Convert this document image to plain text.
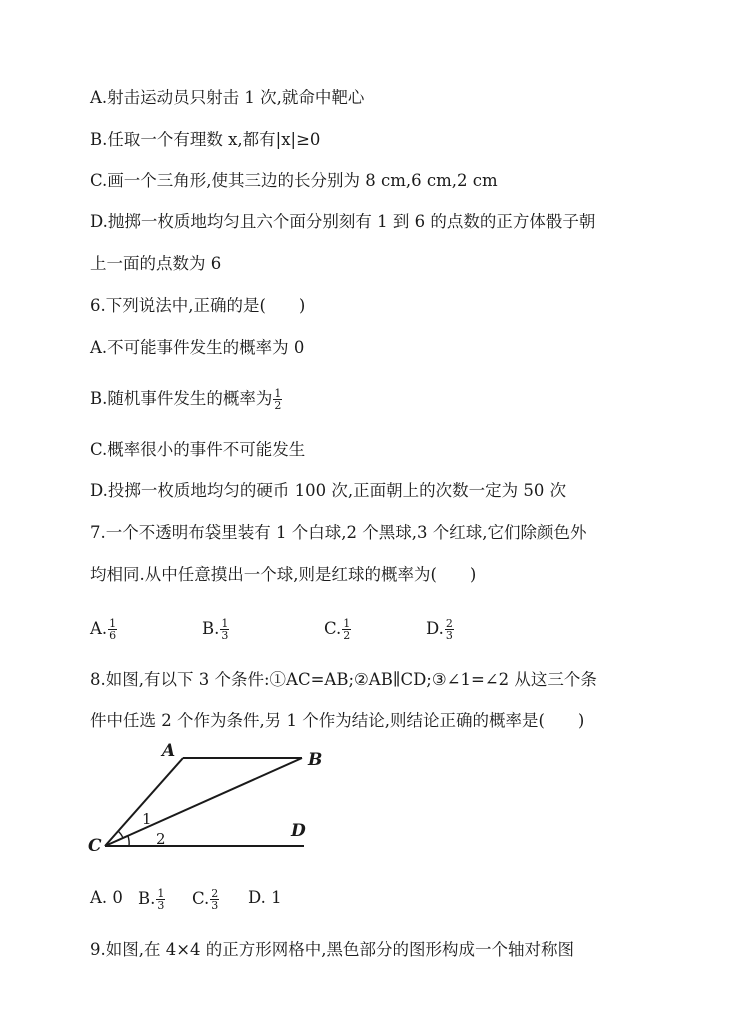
A.射击运动员只射击 1 次,就命中靶心
B.任取一个有理数 x,都有|x|≥0
C.画一个三角形,使其三边的长分别为 8 cm,6 cm,2 cm
D.抛掷一枚质地均匀且六个面分别刻有 1 到 6 的点数的正方体骰子朝
上一面的点数为 6
6.下列说法中,正确的是(　　)
A.不可能事件发生的概率为 0
B.随机事件发生的概率为 $\frac{1}{2}$
C.概率很小的事件不可能发生
D.投掷一枚质地均匀的硬币 100 次,正面朝上的次数一定为 50 次
7.一个不透明布袋里装有 1 个白球,2 个黑球,3 个红球,它们除颜色外
均相同.从中任意摸出一个球,则是红球的概率为(　　)
A. $\frac{1}{6}$	B. $\frac{1}{3}$	C. $\frac{1}{2}$	D. $\frac{2}{3}$
8.如图,有以下 3 个条件:①AC=AB;②AB∥CD;③∠1=∠2 从这三个条
件中任选 2 个作为条件,另 1 个作为结论,则结论正确的概率是(　　)
A	B
C
D
1
2
A. 0 B. $\frac{1}{3} C$. $\frac{2}{3} D$. 1
9.如图,在 4×4 的正方形网格中,黑色部分的图形构成一个轴对称图
